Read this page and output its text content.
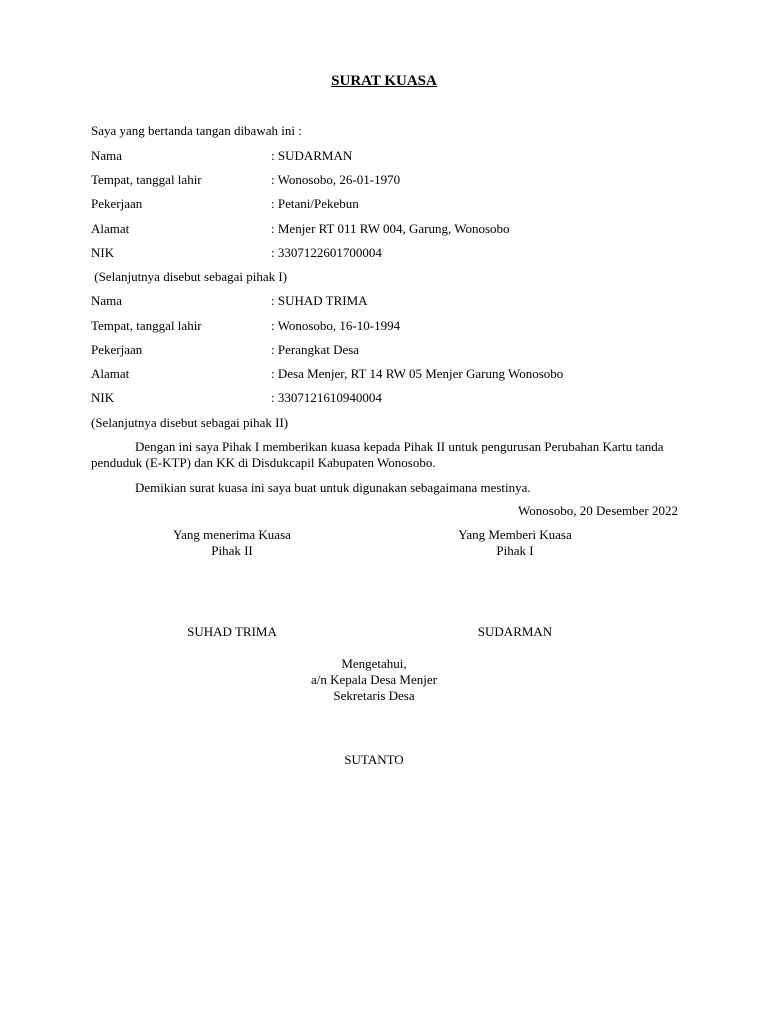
SURAT KUASA
Saya yang bertanda tangan dibawah ini :
Nama	: SUDARMAN
Tempat, tanggal lahir	: Wonosobo, 26-01-1970
Pekerjaan	: Petani/Pekebun
Alamat	: Menjer RT 011 RW 004, Garung, Wonosobo
NIK	: 3307122601700004
(Selanjutnya disebut sebagai pihak I)
Nama	: SUHAD TRIMA
Tempat, tanggal lahir	: Wonosobo, 16-10-1994
Pekerjaan	: Perangkat Desa
Alamat	: Desa Menjer, RT 14 RW 05 Menjer Garung Wonosobo
NIK	: 3307121610940004
(Selanjutnya disebut sebagai pihak II)
Dengan ini saya Pihak I memberikan kuasa kepada Pihak II untuk pengurusan Perubahan Kartu tanda penduduk (E-KTP) dan KK di Disdukcapil Kabupaten Wonosobo.
Demikian surat kuasa ini saya buat untuk digunakan sebagaimana mestinya.
Wonosobo, 20 Desember 2022
Yang menerima Kuasa
Pihak II
SUHAD TRIMA
Yang Memberi Kuasa
Pihak I
SUDARMAN
Mengetahui,
a/n Kepala Desa Menjer
Sekretaris Desa
SUTANTO
